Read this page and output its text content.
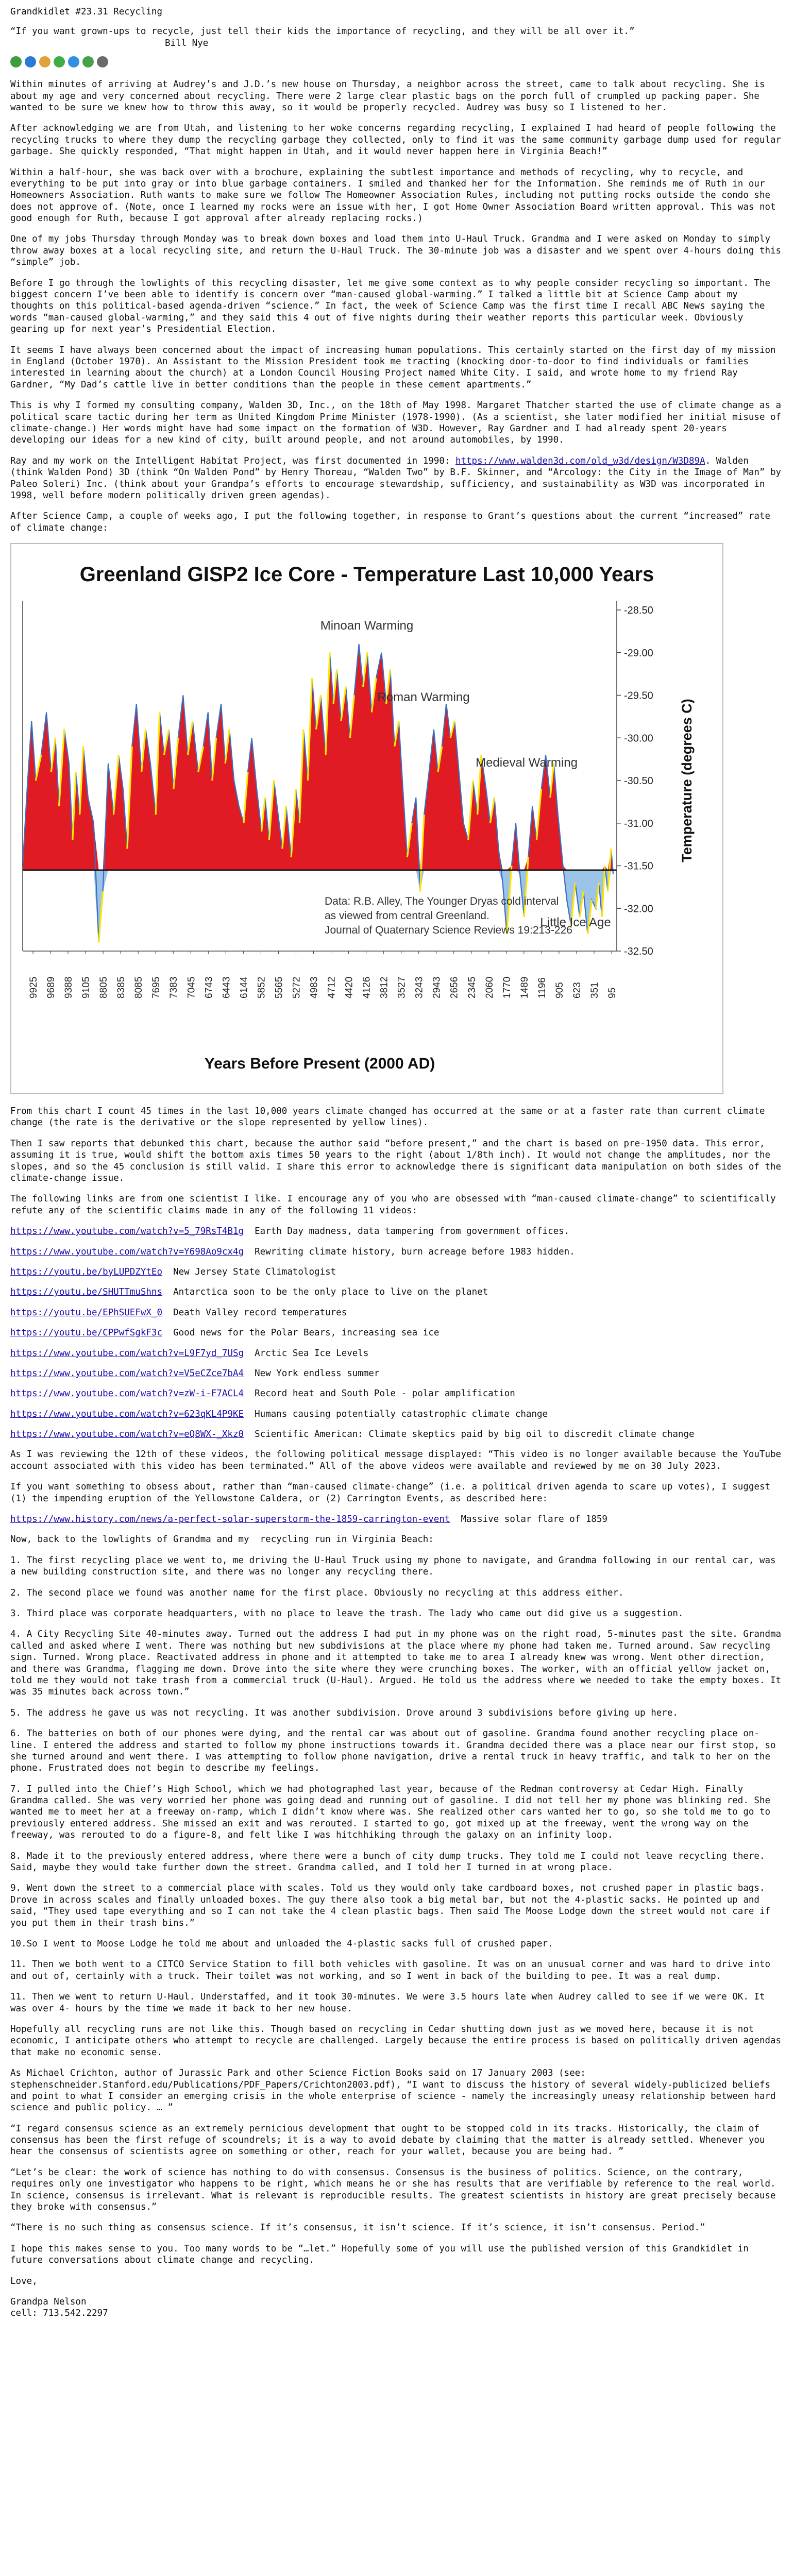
Grandkidlet #23.31 Recycling

“If you want grown-ups to recycle, just tell their kids the importance of recycling, and they will be all over it.”
Bill Nye

Within minutes of arriving at Audrey’s and J.D.’s new house on Thursday, a neighbor across the street, came to talk about recycling. She is about my age and very concerned about recycling. There were 2 large clear plastic bags on the porch full of crumpled up packing paper. She wanted to be sure we knew how to throw this away, so it would be properly recycled. Audrey was busy so I listened to her.

After acknowledging we are from Utah, and listening to her woke concerns regarding recycling, I explained I had heard of people following the recycling trucks to where they dump the recycling garbage they collected, only to find it was the same community garbage dump used for regular garbage. She quickly responded, “That might happen in Utah, and it would never happen here in Virginia Beach!”

Within a half-hour, she was back over with a brochure, explaining the subtlest importance and methods of recycling, why to recycle, and everything to be put into gray or into blue garbage containers. I smiled and thanked her for the Information. She reminds me of Ruth in our Homeowners Association. Ruth wants to make sure we follow The Homeowner Association Rules, including not putting rocks outside the condo she does not approve of. (Note, once I learned my rocks were an issue with her, I got Home Owner Association Board written approval. This was not good enough for Ruth, because I got approval after already replacing rocks.)

One of my jobs Thursday through Monday was to break down boxes and load them into U-Haul Truck. Grandma and I were asked on Monday to simply throw away boxes at a local recycling site, and return the U-Haul Truck. The 30-minute job was a disaster and we spent over 4-hours doing this “simple” job.

Before I go through the lowlights of this recycling disaster, let me give some context as to why people consider recycling so important. The biggest concern I’ve been able to identify is concern over “man-caused global-warming.” I talked a little bit at Science Camp about my thoughts on this political-based agenda-driven “science.” In fact, the week of Science Camp was the first time I recall ABC News saying the words “man-caused global-warming,” and they said this 4 out of five nights during their weather reports this particular week. Obviously gearing up for next year’s Presidential Election.

It seems I have always been concerned about the impact of increasing human populations. This certainly started on the first day of my mission in England (October 1970). An Assistant to the Mission President took me tracting (knocking door-to-door to find individuals or families interested in learning about the church) at a London Council Housing Project named White City. I said, and wrote home to my friend Ray Gardner, “My Dad’s cattle live in better conditions than the people in these cement apartments.”

This is why I formed my consulting company, Walden 3D, Inc., on the 18th of May 1998. Margaret Thatcher started the use of climate change as a political scare tactic during her term as United Kingdom Prime Minister (1978-1990). (As a scientist, she later modified her initial misuse of climate-change.) Her words might have had some impact on the formation of W3D. However, Ray Gardner and I had already spent 20-years developing our ideas for a new kind of city, built around people, and not around automobiles, by 1990.

Ray and my work on the Intelligent Habitat Project, was first documented in 1990: https://www.walden3d.com/old_w3d/design/W3D89A. Walden (think Walden Pond) 3D (think “On Walden Pond” by Henry Thoreau, “Walden Two” by B.F. Skinner, and “Arcology: the City in the Image of Man” by Paleo Soleri) Inc. (think about your Grandpa’s efforts to encourage stewardship, sufficiency, and sustainability as W3D was incorporated in 1998, well before modern politically driven green agendas).

After Science Camp, a couple of weeks ago, I put the following together, in response to Grant’s questions about the current “increased” rate of climate change:

Greenland GISP2 Ice Core - Temperature Last 10,000 Years
-28.50
-29.00
-29.50
-30.00
-30.50
-31.00
-31.50
-32.00
-32.50
Temperature (degrees C)
9925 9689 9388 9105 8805 8385 8085 7695 7383 7045 6743 6443 6144 5852 5565 5272 4983 4712 4420 4126 3812 3527 3243 2943 2656 2345 2060 1770 1489 1196 905 623 351 95
Years Before Present (2000 AD)
Minoan Warming
Roman Warming
Medieval Warming
Little Ice Age
Data: R.B. Alley, The Younger Dryas cold interval
as viewed from central Greenland.
Journal of Quaternary Science Reviews 19:213-226

From this chart I count 45 times in the last 10,000 years climate changed has occurred at the same or at a faster rate than current climate change (the rate is the derivative or the slope represented by yellow lines).

Then I saw reports that debunked this chart, because the author said “before present,” and the chart is based on pre-1950 data. This error, assuming it is true, would shift the bottom axis times 50 years to the right (about 1/8th inch). It would not change the amplitudes, nor the slopes, and so the 45 conclusion is still valid. I share this error to acknowledge there is significant data manipulation on both sides of the climate-change issue.

The following links are from one scientist I like. I encourage any of you who are obsessed with “man-caused climate-change” to scientifically refute any of the scientific claims made in any of the following 11 videos:

https://www.youtube.com/watch?v=5_79RsT4B1g Earth Day madness, data tampering from government offices.

https://www.youtube.com/watch?v=Y698Ao9cx4g Rewriting climate history, burn acreage before 1983 hidden.

https://youtu.be/byLUPDZYtEo New Jersey State Climatologist

https://youtu.be/SHUTTmuShns Antarctica soon to be the only place to live on the planet

https://youtu.be/EPhSUEFwX_0 Death Valley record temperatures

https://youtu.be/CPPwfSgkF3c Good news for the Polar Bears, increasing sea ice

https://www.youtube.com/watch?v=L9F7yd_7USg Arctic Sea Ice Levels

https://www.youtube.com/watch?v=V5eCZce7bA4 New York endless summer

https://www.youtube.com/watch?v=zW-i-F7ACL4 Record heat and South Pole - polar amplification

https://www.youtube.com/watch?v=623qKL4P9KE Humans causing potentially catastrophic climate change

https://www.youtube.com/watch?v=eQ8WX-_Xkz0 Scientific American: Climate skeptics paid by big oil to discredit climate change

As I was reviewing the 12th of these videos, the following political message displayed: “This video is no longer available because the YouTube account associated with this video has been terminated.” All of the above videos were available and reviewed by me on 30 July 2023.

If you want something to obsess about, rather than “man-caused climate-change” (i.e. a political driven agenda to scare up votes), I suggest (1) the impending eruption of the Yellowstone Caldera, or (2) Carrington Events, as described here:

https://www.history.com/news/a-perfect-solar-superstorm-the-1859-carrington-event Massive solar flare of 1859

Now, back to the lowlights of Grandma and my  recycling run in Virginia Beach:

1. The first recycling place we went to, me driving the U-Haul Truck using my phone to navigate, and Grandma following in our rental car, was a new building construction site, and there was no longer any recycling there.

2. The second place we found was another name for the first place. Obviously no recycling at this address either.

3. Third place was corporate headquarters, with no place to leave the trash. The lady who came out did give us a suggestion.

4. A City Recycling Site 40-minutes away. Turned out the address I had put in my phone was on the right road, 5-minutes past the site. Grandma called and asked where I went. There was nothing but new subdivisions at the place where my phone had taken me. Turned around. Saw recycling sign. Turned. Wrong place. Reactivated address in phone and it attempted to take me to area I already knew was wrong. Went other direction, and there was Grandma, flagging me down. Drove into the site where they were crunching boxes. The worker, with an official yellow jacket on, told me they would not take trash from a commercial truck (U-Haul). Argued. He told us the address where we needed to take the empty boxes. It was 35 minutes back across town.”

5. The address he gave us was not recycling. It was another subdivision. Drove around 3 subdivisions before giving up here.

6. The batteries on both of our phones were dying, and the rental car was about out of gasoline. Grandma found another recycling place on-line. I entered the address and started to follow my phone instructions towards it. Grandma decided there was a place near our first stop, so she turned around and went there. I was attempting to follow phone navigation, drive a rental truck in heavy traffic, and talk to her on the phone. Frustrated does not begin to describe my feelings.

7. I pulled into the Chief’s High School, which we had photographed last year, because of the Redman controversy at Cedar High. Finally Grandma called. She was very worried her phone was going dead and running out of gasoline. I did not tell her my phone was blinking red. She wanted me to meet her at a freeway on-ramp, which I didn’t know where was. She realized other cars wanted her to go, so she told me to go to previously entered address. She missed an exit and was rerouted. I started to go, got mixed up at the freeway, went the wrong way on the freeway, was rerouted to do a figure-8, and felt like I was hitchhiking through the galaxy on an infinity loop.

8. Made it to the previously entered address, where there were a bunch of city dump trucks. They told me I could not leave recycling there. Said, maybe they would take further down the street. Grandma called, and I told her I turned in at wrong place.

9. Went down the street to a commercial place with scales. Told us they would only take cardboard boxes, not crushed paper in plastic bags. Drove in across scales and finally unloaded boxes. The guy there also took a big metal bar, but not the 4-plastic sacks. He pointed up and said, “They used tape everything and so I can not take the 4 clean plastic bags. Then said The Moose Lodge down the street would not care if you put them in their trash bins.”

10.So I went to Moose Lodge he told me about and unloaded the 4-plastic sacks full of crushed paper.

11. Then we both went to a CITCO Service Station to fill both vehicles with gasoline. It was on an unusual corner and was hard to drive into and out of, certainly with a truck. Their toilet was not working, and so I went in back of the building to pee. It was a real dump.

11. Then we went to return U-Haul. Understaffed, and it took 30-minutes. We were 3.5 hours late when Audrey called to see if we were OK. It was over 4- hours by the time we made it back to her new house.

Hopefully all recycling runs are not like this. Though based on recycling in Cedar shutting down just as we moved here, because it is not economic, I anticipate others who attempt to recycle are challenged. Largely because the entire process is based on politically driven agendas that make no economic sense.

As Michael Crichton, author of Jurassic Park and other Science Fiction Books said on 17 January 2003 (see: stephenschneider.Stanford.edu/Publications/PDF_Papers/Crichton2003.pdf), “I want to discuss the history of several widely-publicized beliefs and point to what I consider an emerging crisis in the whole enterprise of science - namely the increasingly uneasy relationship between hard science and public policy. … ”

“I regard consensus science as an extremely pernicious development that ought to be stopped cold in its tracks. Historically, the claim of consensus has been the first refuge of scoundrels; it is a way to avoid debate by claiming that the matter is already settled. Whenever you hear the consensus of scientists agree on something or other, reach for your wallet, because you are being had. ”

“Let’s be clear: the work of science has nothing to do with consensus. Consensus is the business of politics. Science, on the contrary, requires only one investigator who happens to be right, which means he or she has results that are verifiable by reference to the real world. In science, consensus is irrelevant. What is relevant is reproducible results. The greatest scientists in history are great precisely because they broke with consensus.”

“There is no such thing as consensus science. If it’s consensus, it isn’t science. If it’s science, it isn’t consensus. Period.”

I hope this makes sense to you. Too many words to be “…let.” Hopefully some of you will use the published version of this Grandkidlet in future conversations about climate change and recycling.

Love,

Grandpa Nelson

cell: 713.542.2297
